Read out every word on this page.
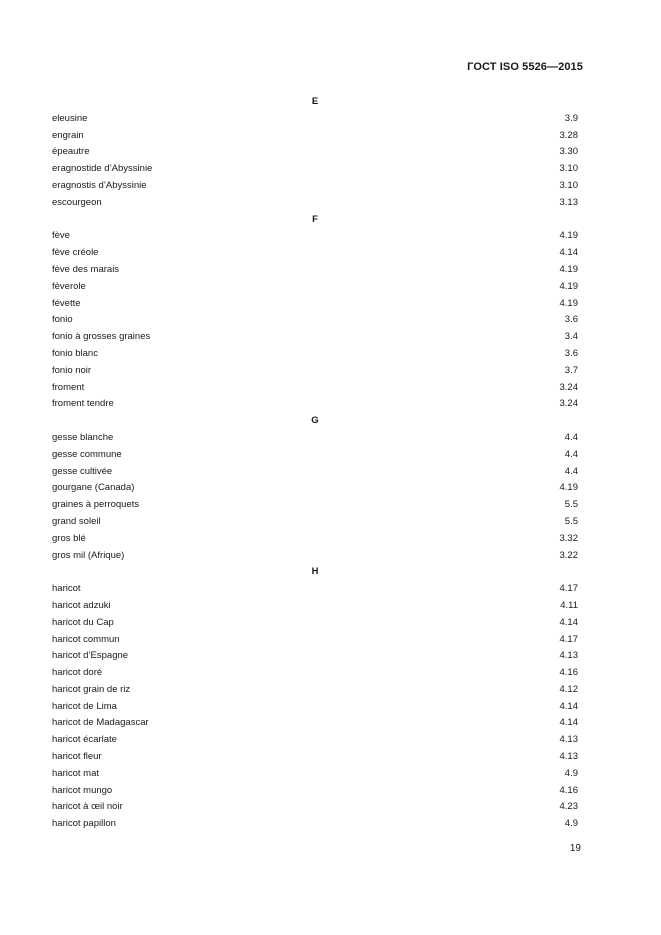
ГОСТ ISO 5526—2015
E
eleusine	3.9
engrain	3.28
épeautre	3.30
eragnostide d’Abyssinie	3.10
eragnostis d’Abyssinie	3.10
escourgeon	3.13
F
fève	4.19
fève créole	4.14
fève des marais	4.19
fèverole	4.19
févette	4.19
fonio	3.6
fonio à grosses graines	3.4
fonio blanc	3.6
fonio noir	3.7
froment	3.24
froment tendre	3.24
G
gesse blanche	4.4
gesse commune	4.4
gesse cultivée	4.4
gourgane (Canada)	4.19
graines à perroquets	5.5
grand soleil	5.5
gros blé	3.32
gros mil (Afrique)	3.22
H
haricot	4.17
haricot adzuki	4.11
haricot du Cap	4.14
haricot commun	4.17
haricot d’Espagne	4.13
haricot doré	4.16
haricot grain de riz	4.12
haricot de Lima	4.14
haricot de Madagascar	4.14
haricot écarlate	4.13
haricot fleur	4.13
haricot mat	4.9
haricot mungo	4.16
haricot à œil noir	4.23
haricot papillon	4.9
19
